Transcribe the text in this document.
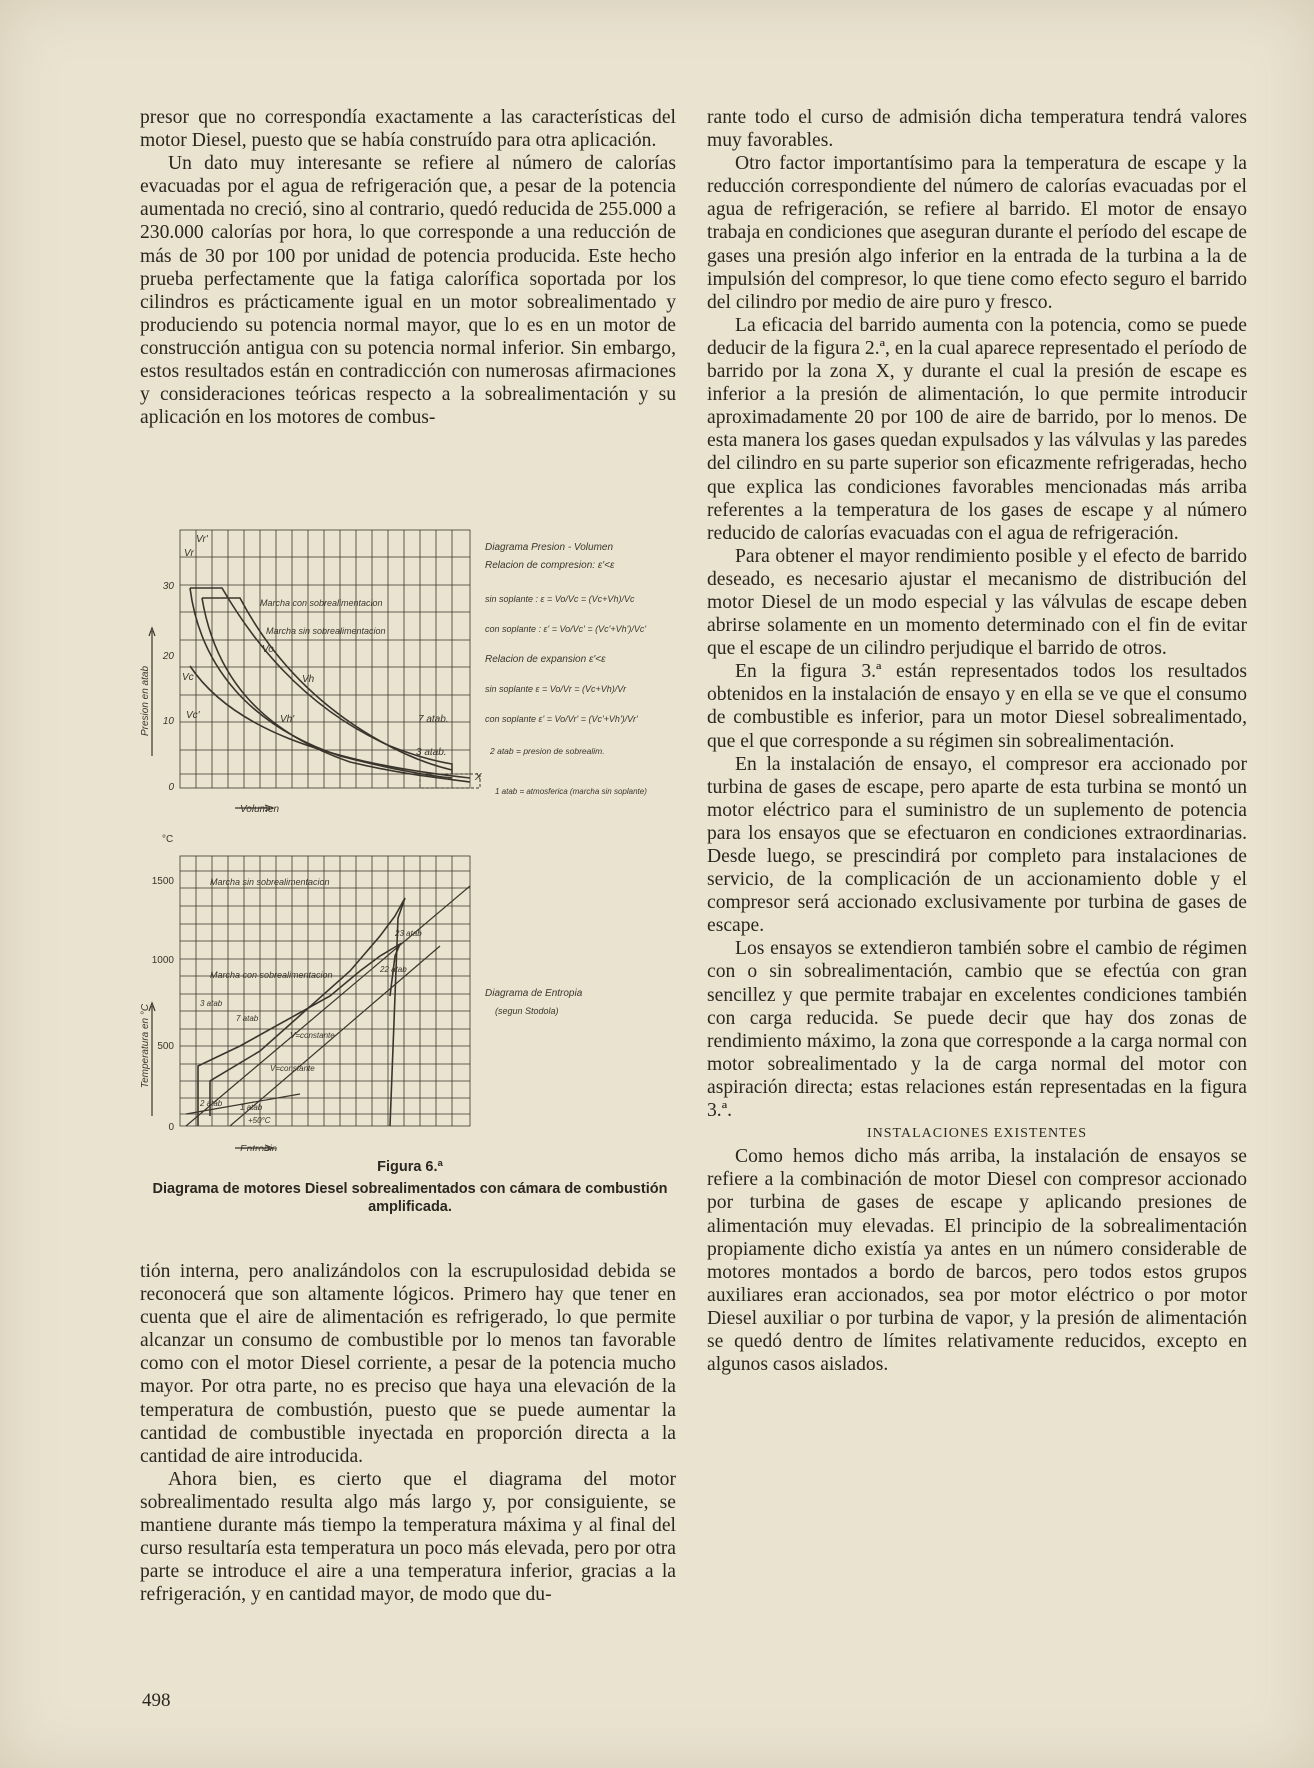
presor que no correspondía exactamente a las características del motor Diesel, puesto que se había construído para otra aplicación.

Un dato muy interesante se refiere al número de calorías evacuadas por el agua de refrigeración que, a pesar de la potencia aumentada no creció, sino al contrario, quedó reducida de 255.000 a 230.000 calorías por hora, lo que corresponde a una reducción de más de 30 por 100 por unidad de potencia producida. Este hecho prueba perfectamente que la fatiga calorífica soportada por los cilindros es prácticamente igual en un motor sobrealimentado y produciendo su potencia normal mayor, que lo es en un motor de construcción antigua con su potencia normal inferior. Sin embargo, estos resultados están en contradicción con numerosas afirmaciones y consideraciones teóricas respecto a la sobrealimentación y su aplicación en los motores de combus-

30
20
10
0
Presion en atab
Volumen
Vr'
Vr
Marcha con sobrealimentacion
Marcha sin sobrealimentacion
Vo
Vh
Vh'
Vc
Vc'	7 atab.
3 atab.
X
Diagrama Presion - Volumen
Relacion de compresion: ε'<ε
sin soplante : ε = Vo/Vc = (Vc+Vh)/Vc
con soplante : ε' = Vo/Vc' = (Vc'+Vh')/Vc'
Relacion de expansion ε'<ε
sin soplante ε = Vo/Vr = (Vc+Vh)/Vr
con soplante ε' = Vo/Vr' = (Vc'+Vh')/Vr'
2 atab = presion de sobrealim.
1 atab = atmosferica (marcha sin soplante)
°C
1500
1000
500
0
Temperatura en °C
Entropia
Marcha sin sobrealimentacion
Marcha con sobrealimentacion
23 atab
22 atab
3 atab
7 atab
V=constante
V=constante
2 atab 1 atab
+50°C
Diagrama de Entropia
(segun Stodola)
Figura 6.ª
Diagrama de motores Diesel sobrealimentados con cámara de combustión amplificada.

tión interna, pero analizándolos con la escrupulosidad debida se reconocerá que son altamente lógicos. Primero hay que tener en cuenta que el aire de alimentación es refrigerado, lo que permite alcanzar un consumo de combustible por lo menos tan favorable como con el motor Diesel corriente, a pesar de la potencia mucho mayor. Por otra parte, no es preciso que haya una elevación de la temperatura de combustión, puesto que se puede aumentar la cantidad de combustible inyectada en proporción directa a la cantidad de aire introducida.

Ahora bien, es cierto que el diagrama del motor sobrealimentado resulta algo más largo y, por consiguiente, se mantiene durante más tiempo la temperatura máxima y al final del curso resultaría esta temperatura un poco más elevada, pero por otra parte se introduce el aire a una temperatura inferior, gracias a la refrigeración, y en cantidad mayor, de modo que du-

rante todo el curso de admisión dicha temperatura tendrá valores muy favorables.

Otro factor importantísimo para la temperatura de escape y la reducción correspondiente del número de calorías evacuadas por el agua de refrigeración, se refiere al barrido. El motor de ensayo trabaja en condiciones que aseguran durante el período del escape de gases una presión algo inferior en la entrada de la turbina a la de impulsión del compresor, lo que tiene como efecto seguro el barrido del cilindro por medio de aire puro y fresco.

La eficacia del barrido aumenta con la potencia, como se puede deducir de la figura 2.ª, en la cual aparece representado el período de barrido por la zona X, y durante el cual la presión de escape es inferior a la presión de alimentación, lo que permite introducir aproximadamente 20 por 100 de aire de barrido, por lo menos. De esta manera los gases quedan expulsados y las válvulas y las paredes del cilindro en su parte superior son eficazmente refrigeradas, hecho que explica las condiciones favorables mencionadas más arriba referentes a la temperatura de los gases de escape y al número reducido de calorías evacuadas con el agua de refrigeración.

Para obtener el mayor rendimiento posible y el efecto de barrido deseado, es necesario ajustar el mecanismo de distribución del motor Diesel de un modo especial y las válvulas de escape deben abrirse solamente en un momento determinado con el fin de evitar que el escape de un cilindro perjudique el barrido de otros.

En la figura 3.ª están representados todos los resultados obtenidos en la instalación de ensayo y en ella se ve que el consumo de combustible es inferior, para un motor Diesel sobrealimentado, que el que corresponde a su régimen sin sobrealimentación.

En la instalación de ensayo, el compresor era accionado por turbina de gases de escape, pero aparte de esta turbina se montó un motor eléctrico para el suministro de un suplemento de potencia para los ensayos que se efectuaron en condiciones extraordinarias. Desde luego, se prescindirá por completo para instalaciones de servicio, de la complicación de un accionamiento doble y el compresor será accionado exclusivamente por turbina de gases de escape.

Los ensayos se extendieron también sobre el cambio de régimen con o sin sobrealimentación, cambio que se efectúa con gran sencillez y que permite trabajar en excelentes condiciones también con carga reducida. Se puede decir que hay dos zonas de rendimiento máximo, la zona que corresponde a la carga normal con motor sobrealimentado y la de carga normal del motor con aspiración directa; estas relaciones están representadas en la figura 3.ª.

INSTALACIONES EXISTENTES

Como hemos dicho más arriba, la instalación de ensayos se refiere a la combinación de motor Diesel con compresor accionado por turbina de gases de escape y aplicando presiones de alimentación muy elevadas. El principio de la sobrealimentación propiamente dicho existía ya antes en un número considerable de motores montados a bordo de barcos, pero todos estos grupos auxiliares eran accionados, sea por motor eléctrico o por motor Diesel auxiliar o por turbina de vapor, y la presión de alimentación se quedó dentro de límites relativamente reducidos, excepto en algunos casos aislados.

498
